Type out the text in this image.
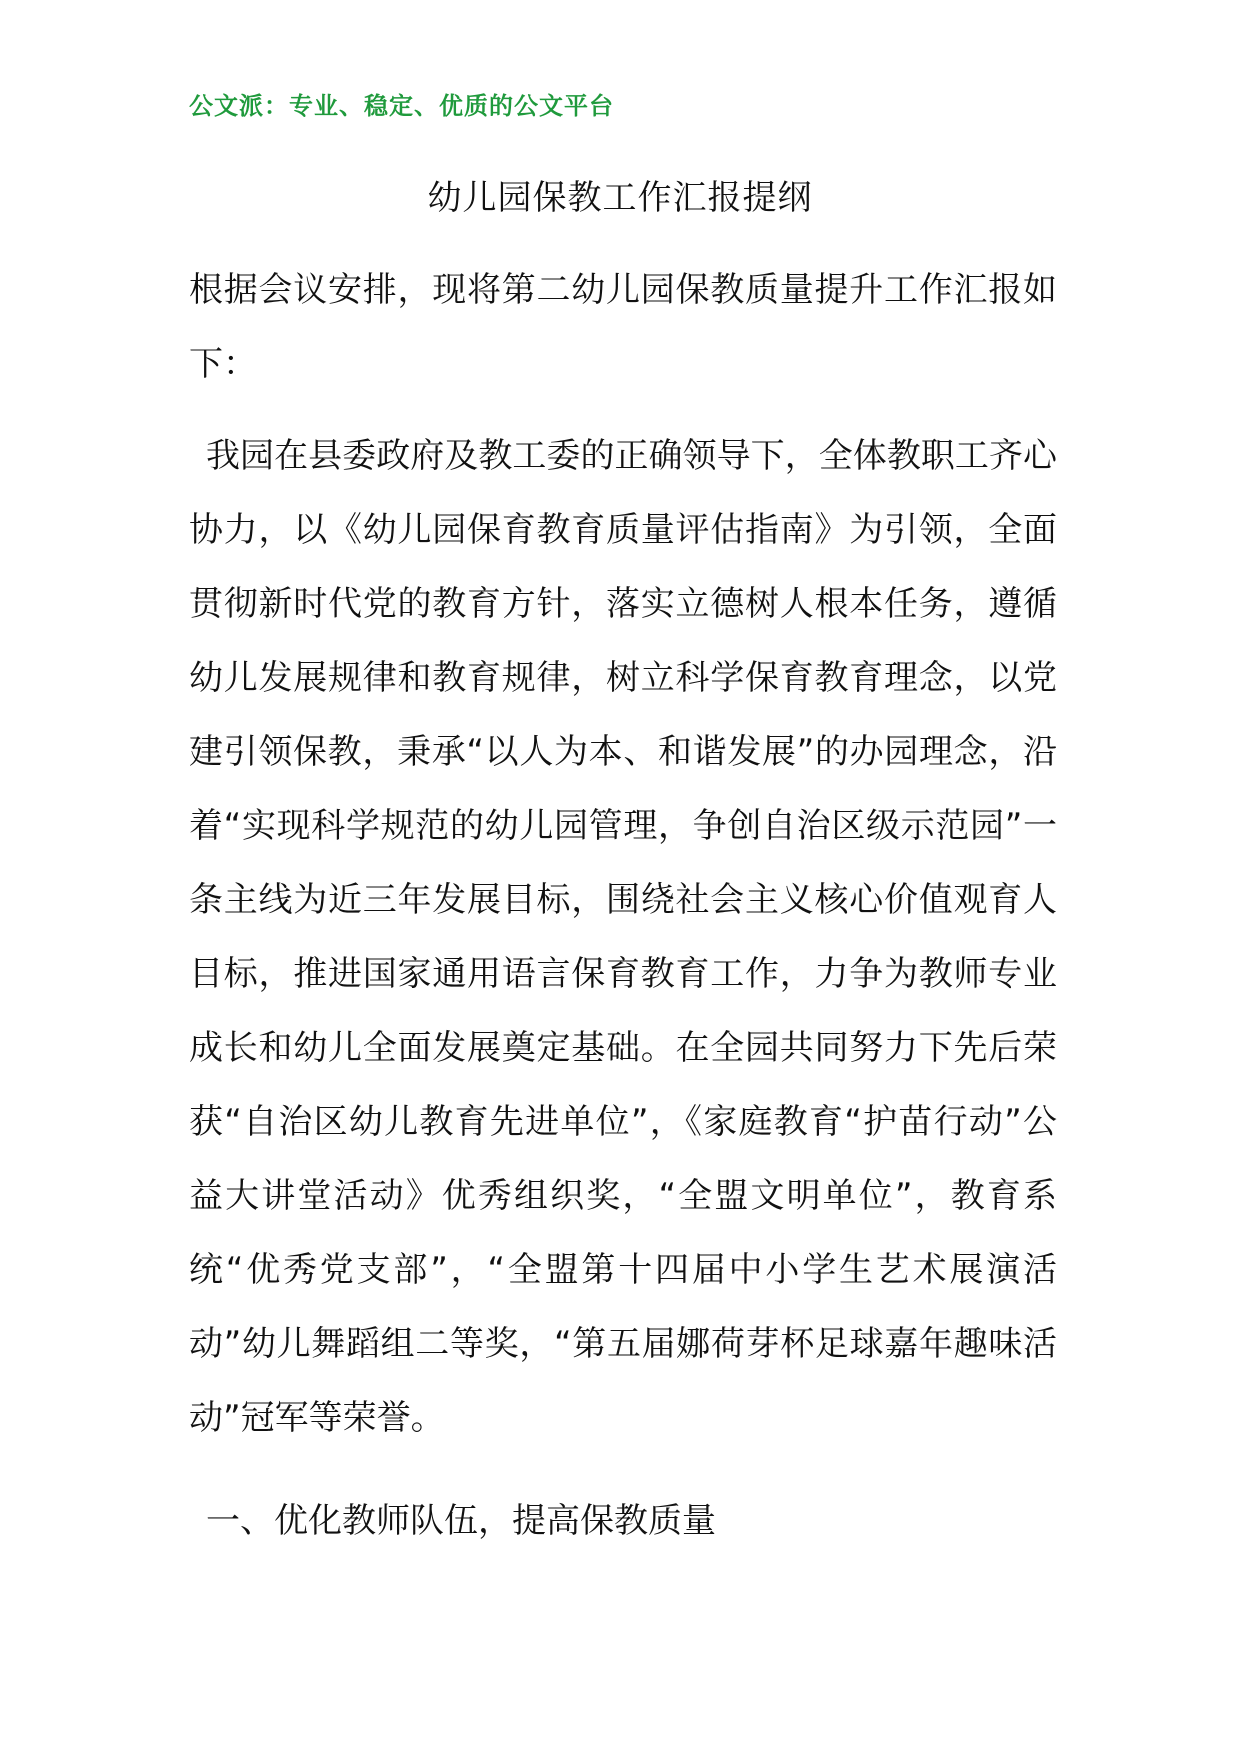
公文派：专业、稳定、优质的公文平台
幼儿园保教工作汇报提纲
根据会议安排，现将第二幼儿园保教质量提升工作汇报如下：
我园在县委政府及教工委的正确领导下，全体教职工齐心协力，以《幼儿园保育教育质量评估指南》为引领，全面贯彻新时代党的教育方针，落实立德树人根本任务，遵循幼儿发展规律和教育规律，树立科学保育教育理念，以党建引领保教，秉承“以人为本、和谐发展”的办园理念，沿着“实现科学规范的幼儿园管理，争创自治区级示范园”一条主线为近三年发展目标，围绕社会主义核心价值观育人目标，推进国家通用语言保育教育工作，力争为教师专业成长和幼儿全面发展奠定基础。在全园共同努力下先后荣获“自治区幼儿教育先进单位”，《家庭教育“护苗行动”公益大讲堂活动》优秀组织奖，“全盟文明单位”，教育系统“优秀党支部”，“全盟第十四届中小学生艺术展演活动”幼儿舞蹈组二等奖，“第五届娜荷芽杯足球嘉年趣味活动”冠军等荣誉。
一、优化教师队伍，提高保教质量
